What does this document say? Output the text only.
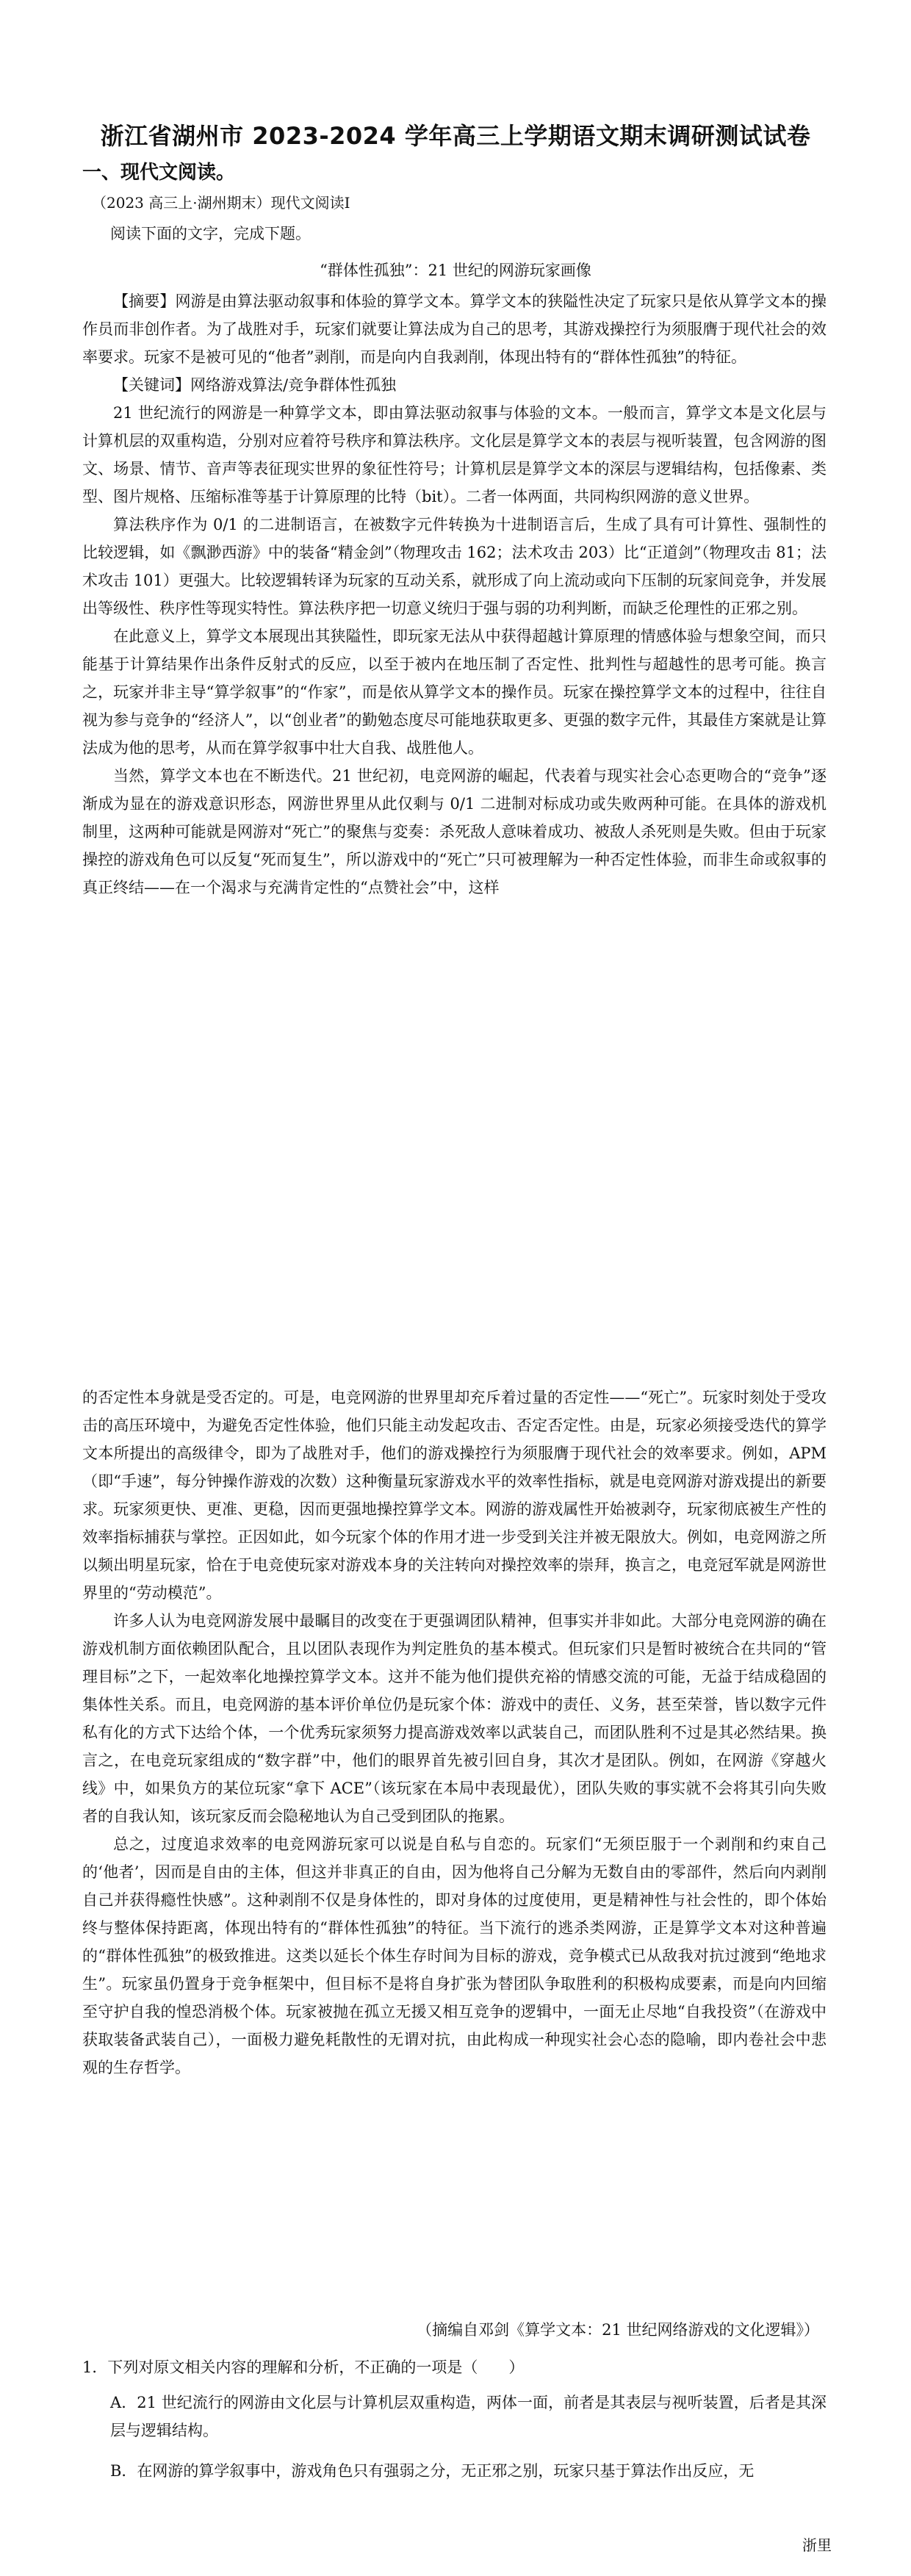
浙江省湖州市 2023-2024 学年高三上学期语文期末调研测试试卷
一、现代文阅读。
（2023 高三上·湖州期末）现代文阅读Ⅰ
阅读下面的文字，完成下题。
“群体性孤独”：21 世纪的网游玩家画像

【摘要】网游是由算法驱动叙事和体验的算学文本。算学文本的狭隘性决定了玩家只是依从算学文本的操作员而非创作者。为了战胜对手，玩家们就要让算法成为自己的思考，其游戏操控行为须服膺于现代社会的效率要求。玩家不是被可见的“他者”剥削，而是向内自我剥削，体现出特有的“群体性孤独”的特征。

【关键词】网络游戏算法/竞争群体性孤独

21 世纪流行的网游是一种算学文本，即由算法驱动叙事与体验的文本。一般而言，算学文本是文化层与计算机层的双重构造，分别对应着符号秩序和算法秩序。文化层是算学文本的表层与视听装置，包含网游的图文、场景、情节、音声等表征现实世界的象征性符号；计算机层是算学文本的深层与逻辑结构，包括像素、类型、图片规格、压缩标准等基于计算原理的比特（bit）。二者一体两面，共同构织网游的意义世界。

算法秩序作为 0/1 的二进制语言，在被数字元件转换为十进制语言后，生成了具有可计算性、强制性的比较逻辑，如《飘渺西游》中的装备“精金剑”（物理攻击 162；法术攻击 203）比“正道剑”（物理攻击 81；法术攻击 101）更强大。比较逻辑转译为玩家的互动关系，就形成了向上流动或向下压制的玩家间竞争，并发展出等级性、秩序性等现实特性。算法秩序把一切意义统归于强与弱的功利判断，而缺乏伦理性的正邪之别。

在此意义上，算学文本展现出其狭隘性，即玩家无法从中获得超越计算原理的情感体验与想象空间，而只能基于计算结果作出条件反射式的反应，以至于被内在地压制了否定性、批判性与超越性的思考可能。换言之，玩家并非主导“算学叙事”的“作家”，而是依从算学文本的操作员。玩家在操控算学文本的过程中，往往自视为参与竞争的“经济人”，以“创业者”的勤勉态度尽可能地获取更多、更强的数字元件，其最佳方案就是让算法成为他的思考，从而在算学叙事中壮大自我、战胜他人。

当然，算学文本也在不断迭代。21 世纪初，电竞网游的崛起，代表着与现实社会心态更吻合的“竞争”逐渐成为显在的游戏意识形态，网游世界里从此仅剩与 0/1 二进制对标成功或失败两种可能。在具体的游戏机制里，这两种可能就是网游对“死亡”的聚焦与変奏：杀死敌人意味着成功、被敌人杀死则是失败。但由于玩家操控的游戏角色可以反复“死而复生”，所以游戏中的“死亡”只可被理解为一种否定性体验，而非生命或叙事的真正终结——在一个渴求与充满肯定性的“点赞社会”中，这样

的否定性本身就是受否定的。可是，电竞网游的世界里却充斥着过量的否定性——“死亡”。玩家时刻处于受攻击的高压环境中，为避免否定性体验，他们只能主动发起攻击、否定否定性。由是，玩家必须接受迭代的算学文本所提出的高级律令，即为了战胜对手，他们的游戏操控行为须服膺于现代社会的效率要求。例如，APM（即“手速”，每分钟操作游戏的次数）这种衡量玩家游戏水平的效率性指标，就是电竞网游对游戏提出的新要求。玩家须更快、更准、更稳，因而更强地操控算学文本。网游的游戏属性开始被剥夺，玩家彻底被生产性的效率指标捕获与掌控。正因如此，如今玩家个体的作用才进一步受到关注并被无限放大。例如，电竞网游之所以频出明星玩家，恰在于电竞使玩家对游戏本身的关注转向对操控效率的崇拜，换言之，电竞冠军就是网游世界里的“劳动模范”。

许多人认为电竞网游发展中最瞩目的改变在于更强调团队精神，但事实并非如此。大部分电竞网游的确在游戏机制方面依赖团队配合，且以团队表现作为判定胜负的基本模式。但玩家们只是暂时被统合在共同的“管理目标”之下，一起效率化地操控算学文本。这并不能为他们提供充裕的情感交流的可能，无益于结成稳固的集体性关系。而且，电竞网游的基本评价单位仍是玩家个体：游戏中的责任、义务，甚至荣誉，皆以数字元件私有化的方式下达给个体，一个优秀玩家须努力提高游戏效率以武装自己，而团队胜利不过是其必然结果。换言之，在电竞玩家组成的“数字群”中，他们的眼界首先被引回自身，其次才是团队。例如，在网游《穿越火线》中，如果负方的某位玩家“拿下 ACE”（该玩家在本局中表现最优），团队失败的事实就不会将其引向失败者的自我认知，该玩家反而会隐秘地认为自己受到团队的拖累。

总之，过度追求效率的电竞网游玩家可以说是自私与自恋的。玩家们“无须臣服于一个剥削和约束自己的‘他者’，因而是自由的主体，但这并非真正的自由，因为他将自己分解为无数自由的零部件，然后向内剥削自己并获得瘾性快感”。这种剥削不仅是身体性的，即对身体的过度使用，更是精神性与社会性的，即个体始终与整体保持距离，体现出特有的“群体性孤独”的特征。当下流行的逃杀类网游，正是算学文本对这种普遍的“群体性孤独”的极致推进。这类以延长个体生存时间为目标的游戏，竞争模式已从敌我对抗过渡到“绝地求生”。玩家虽仍置身于竞争框架中，但目标不是将自身扩张为替团队争取胜利的积极构成要素，而是向内回缩至守护自我的惶恐消极个体。玩家被抛在孤立无援又相互竞争的逻辑中，一面无止尽地“自我投资”（在游戏中获取装备武装自己），一面极力避免耗散性的无谓对抗，由此构成一种现实社会心态的隐喻，即内卷社会中悲观的生存哲学。

（摘编自邓剑《算学文本：21 世纪网络游戏的文化逻辑》）
1．下列对原文相关内容的理解和分析，不正确的一项是（　　）
A．21 世纪流行的网游由文化层与计算机层双重构造，两体一面，前者是其表层与视听装置，后者是其深层与逻辑结构。
B．在网游的算学叙事中，游戏角色只有强弱之分，无正邪之别，玩家只基于算法作出反应，无
浙里
